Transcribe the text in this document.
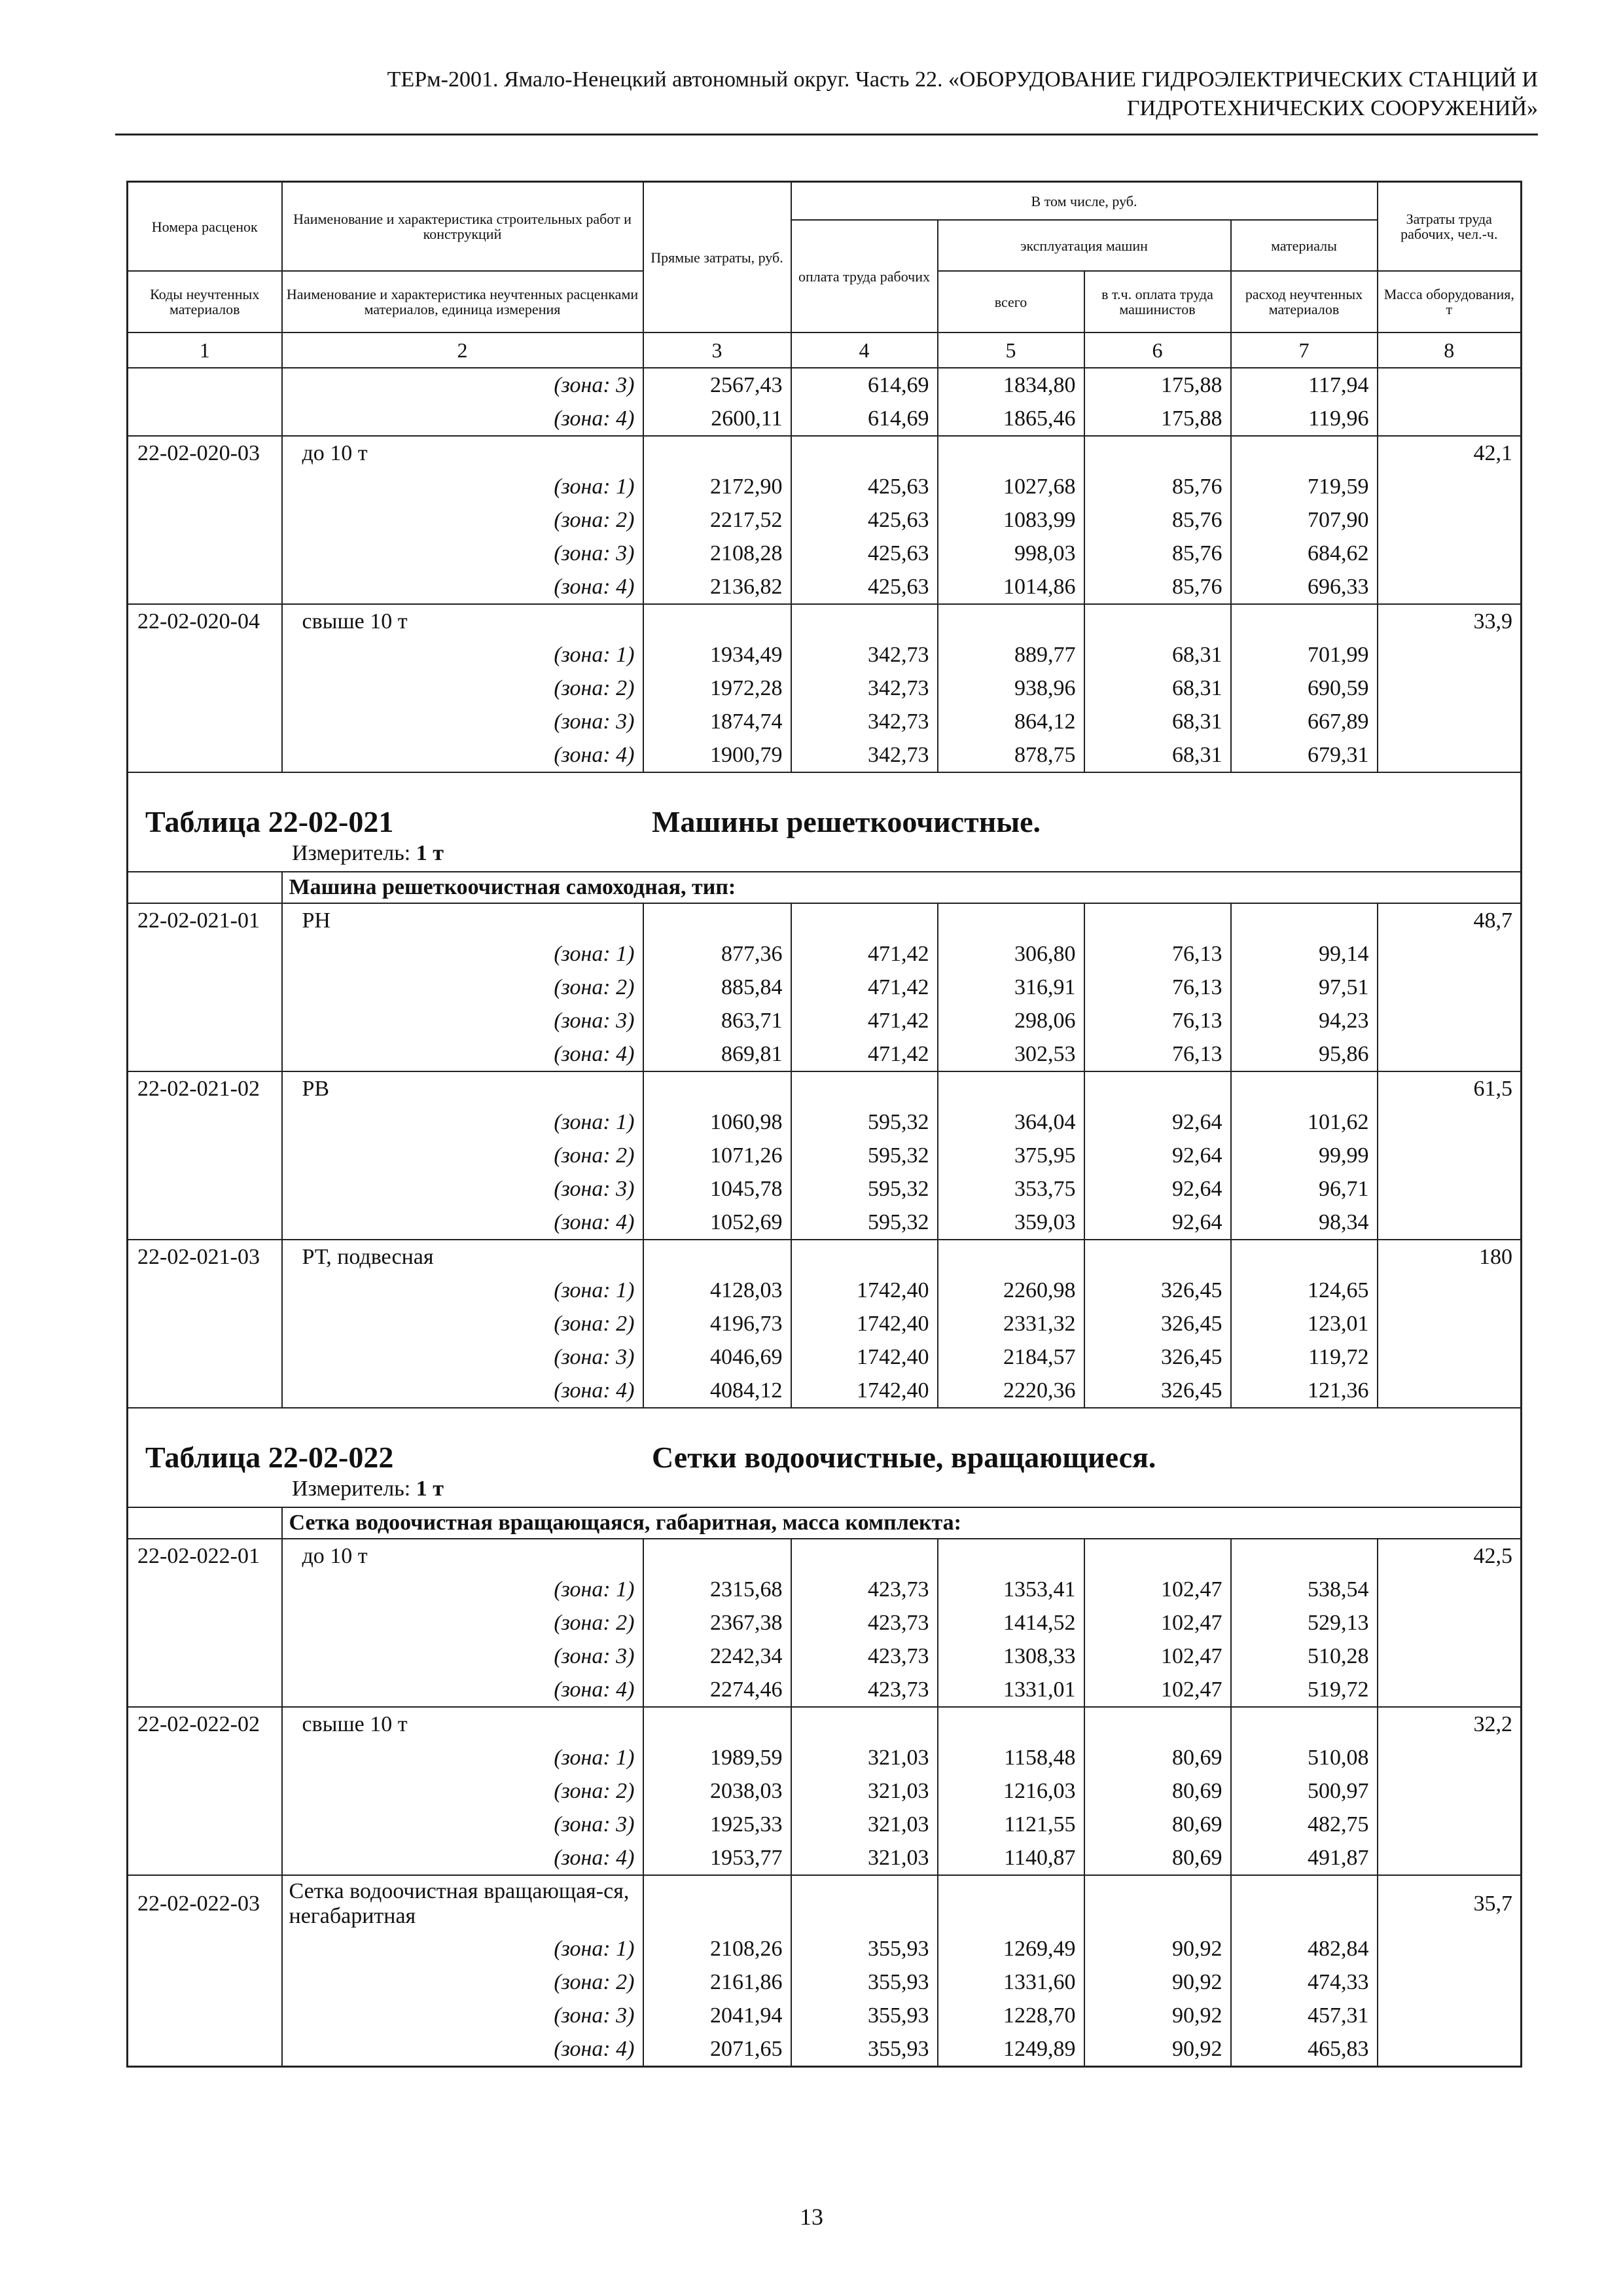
ТЕРм-2001. Ямало-Ненецкий автономный округ. Часть 22. «ОБОРУДОВАНИЕ ГИДРОЭЛЕКТРИЧЕСКИХ СТАНЦИЙ И
ГИДРОТЕХНИЧЕСКИХ СООРУЖЕНИЙ»
Номера расценок	Наименование и характеристика строительных работ и конструкций	Прямые затраты, руб.	В том числе, руб.				Затраты труда рабочих, чел.-ч.
			оплата труда рабочих	эксплуатация машин		материалы	
Коды неучтенных материалов	Наименование и характеристика неучтенных расценками материалов, единица измерения			всего	в т.ч. оплата труда машинистов	расход неучтенных материалов	Масса оборудования, т
1	2	3	4	5	6	7	8
	(зона: 3)	2567,43	614,69	1834,80	175,88	117,94	
	(зона: 4)	2600,11	614,69	1865,46	175,88	119,96	
22-02-020-03	до 10 т						42,1
	(зона: 1)	2172,90	425,63	1027,68	85,76	719,59	
	(зона: 2)	2217,52	425,63	1083,99	85,76	707,90	
	(зона: 3)	2108,28	425,63	998,03	85,76	684,62	
	(зона: 4)	2136,82	425,63	1014,86	85,76	696,33	
22-02-020-04	свыше 10 т						33,9
	(зона: 1)	1934,49	342,73	889,77	68,31	701,99	
	(зона: 2)	1972,28	342,73	938,96	68,31	690,59	
	(зона: 3)	1874,74	342,73	864,12	68,31	667,89	
	(зона: 4)	1900,79	342,73	878,75	68,31	679,31	

Таблица 22-02-021 Машины решеткоочистные.
Измеритель: 1 т							

	Машина решеткоочистная самоходная, тип:						
22-02-021-01	РН						48,7
	(зона: 1)	877,36	471,42	306,80	76,13	99,14	
	(зона: 2)	885,84	471,42	316,91	76,13	97,51	
	(зона: 3)	863,71	471,42	298,06	76,13	94,23	
	(зона: 4)	869,81	471,42	302,53	76,13	95,86	
22-02-021-02	РВ						61,5
	(зона: 1)	1060,98	595,32	364,04	92,64	101,62	
	(зона: 2)	1071,26	595,32	375,95	92,64	99,99	
	(зона: 3)	1045,78	595,32	353,75	92,64	96,71	
	(зона: 4)	1052,69	595,32	359,03	92,64	98,34	
22-02-021-03	РТ, подвесная						180
	(зона: 1)	4128,03	1742,40	2260,98	326,45	124,65	
	(зона: 2)	4196,73	1742,40	2331,32	326,45	123,01	
	(зона: 3)	4046,69	1742,40	2184,57	326,45	119,72	
	(зона: 4)	4084,12	1742,40	2220,36	326,45	121,36	

Таблица 22-02-022 Сетки водоочистные, вращающиеся.
Измеритель: 1 т							

	Сетка водоочистная вращающаяся, габаритная, масса комплекта:						
22-02-022-01	до 10 т						42,5
	(зона: 1)	2315,68	423,73	1353,41	102,47	538,54	
	(зона: 2)	2367,38	423,73	1414,52	102,47	529,13	
	(зона: 3)	2242,34	423,73	1308,33	102,47	510,28	
	(зона: 4)	2274,46	423,73	1331,01	102,47	519,72	
22-02-022-02	свыше 10 т						32,2
	(зона: 1)	1989,59	321,03	1158,48	80,69	510,08	
	(зона: 2)	2038,03	321,03	1216,03	80,69	500,97	
	(зона: 3)	1925,33	321,03	1121,55	80,69	482,75	
	(зона: 4)	1953,77	321,03	1140,87	80,69	491,87	
22-02-022-03	Сетка водоочистная вращающая-ся, негабаритная						35,7
	(зона: 1)	2108,26	355,93	1269,49	90,92	482,84	
	(зона: 2)	2161,86	355,93	1331,60	90,92	474,33	
	(зона: 3)	2041,94	355,93	1228,70	90,92	457,31	
	(зона: 4)	2071,65	355,93	1249,89	90,92	465,83	
13
